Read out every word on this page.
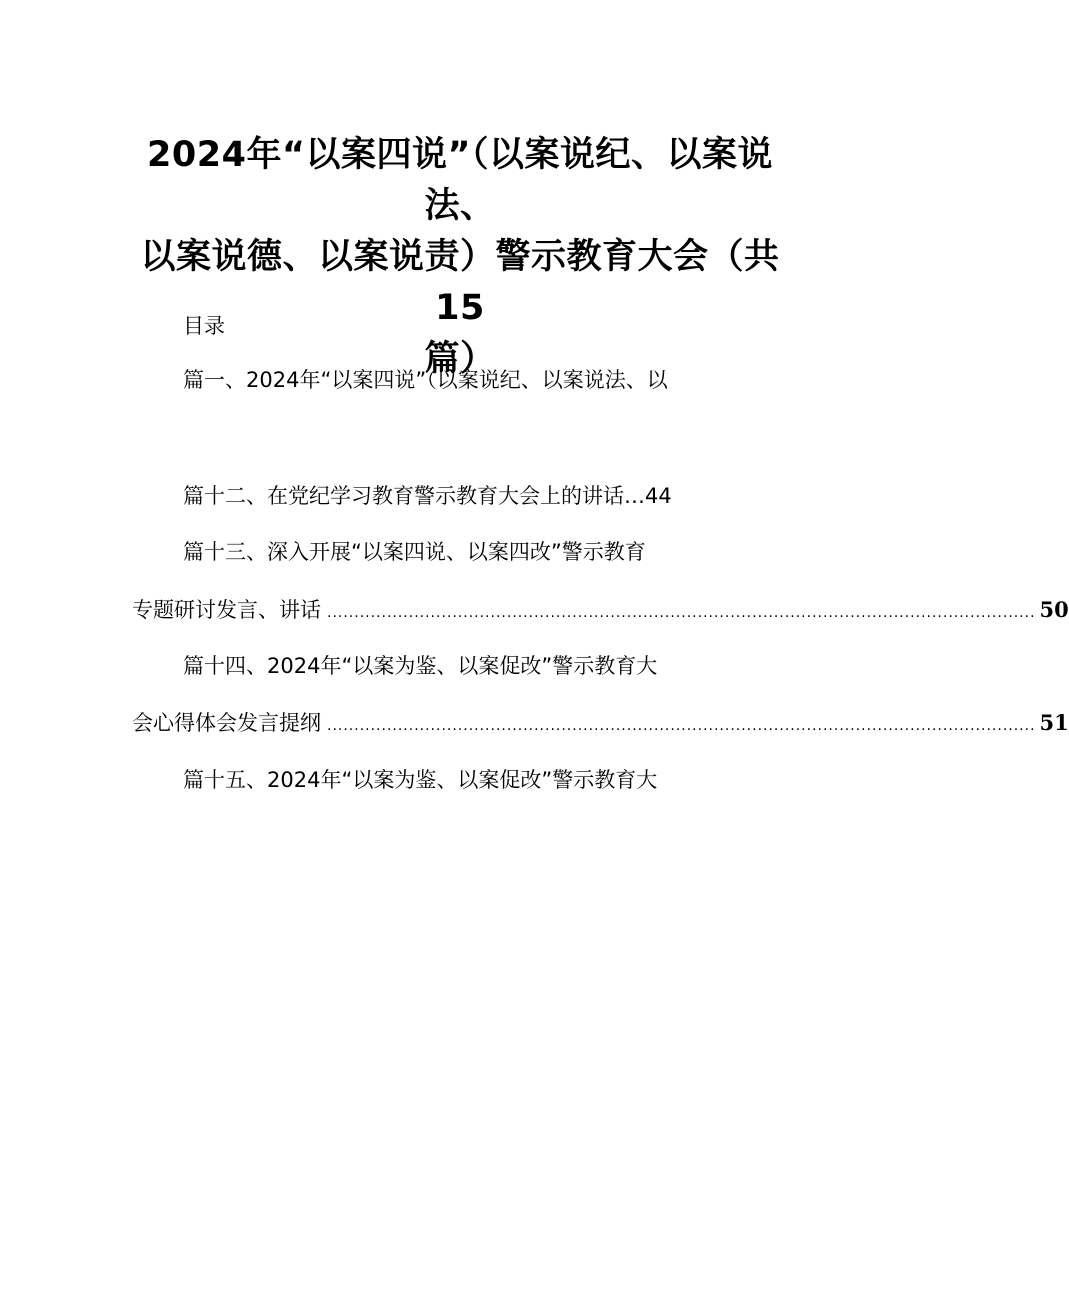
2024年“以案四说”（以案说纪、以案说法、
以案说德、以案说责）警示教育大会（共15
篇）
目录
篇一、2024年“以案四说”（以案说纪、以案说法、以
篇十二、在党纪学习教育警示教育大会上的讲话…44
篇十三、深入开展“以案四说、以案四改”警示教育
专题研讨发言、讲话 .................................................................................................................................. 50
篇十四、2024年“以案为鉴、以案促改”警示教育大
会心得体会发言提纲 .................................................................................................................................. 51
篇十五、2024年“以案为鉴、以案促改”警示教育大
